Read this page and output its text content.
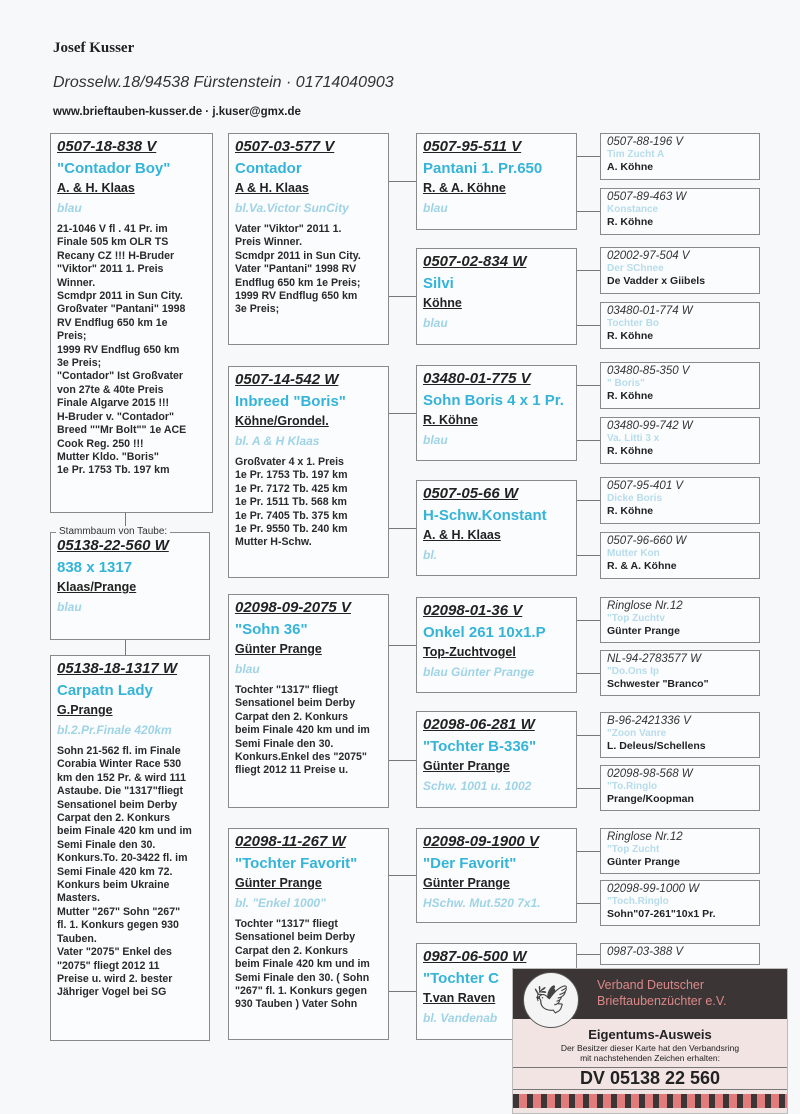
Josef Kusser
Drosselw.18/94538 Fürstenstein · 01714040903
www.brieftauben-kusser.de · j.kuser@gmx.de
0507-18-838 V
"Contador Boy"
A. & H. Klaas
blau
21-1046 V fl . 41 Pr. im
Finale 505 km OLR TS
Recany CZ !!! H-Bruder
"Viktor" 2011 1. Preis
Winner.
Scmdpr 2011 in Sun City.
Großvater "Pantani" 1998
RV Endflug 650 km 1e
Preis;
1999 RV Endflug 650 km
3e Preis;
"Contador" Ist Großvater
von 27te & 40te Preis
Finale Algarve 2015 !!!
H-Bruder v. "Contador"
Breed ""Mr Bolt"" 1e ACE
Cook Reg. 250 !!!
Mutter Kldo. "Boris"
1e Pr. 1753 Tb. 197 km
05138-22-560 W
838 x 1317
Klaas/Prange
blau
05138-18-1317 W
Carpatn Lady
G.Prange
bl.2.Pr.Finale 420km
Sohn 21-562 fl. im Finale
Corabia Winter Race 530
km den 152 Pr. & wird 111
Astaube. Die "1317"fliegt
Sensationel beim Derby
Carpat den 2. Konkurs
beim Finale 420 km und im
Semi Finale den 30.
Konkurs.To. 20-3422 fl. im
Semi Finale 420 km 72.
Konkurs beim Ukraine
Masters.
Mutter "267" Sohn "267"
fl. 1. Konkurs gegen 930
Tauben.
Vater "2075" Enkel des
"2075" fliegt 2012 11
Preise u. wird 2. bester
Jähriger Vogel bei SG
0507-03-577 V
Contador
A & H. Klaas
bl.Va.Victor SunCity
Vater "Viktor" 2011 1.
Preis Winner.
Scmdpr 2011 in Sun City.
Vater "Pantani" 1998 RV
Endflug 650 km 1e Preis;
1999 RV Endflug 650 km
3e Preis;
0507-14-542 W
Inbreed "Boris"
Köhne/Grondel.
bl. A & H Klaas
Großvater 4 x 1. Preis
1e Pr. 1753 Tb. 197 km
1e Pr. 7172 Tb. 425 km
1e Pr. 1511 Tb. 568 km
1e Pr. 7405 Tb. 375 km
1e Pr. 9550 Tb. 240 km
Mutter H-Schw.
02098-09-2075 V
"Sohn 36"
Günter Prange
blau
Tochter "1317" fliegt
Sensationel beim Derby
Carpat den 2. Konkurs
beim Finale 420 km und im
Semi Finale den 30.
Konkurs.Enkel des "2075"
fliegt 2012 11 Preise u.
02098-11-267 W
"Tochter Favorit"
Günter Prange
bl. "Enkel 1000"
Tochter "1317" fliegt
Sensationel beim Derby
Carpat den 2. Konkurs
beim Finale 420 km und im
Semi Finale den 30. ( Sohn
"267" fl. 1. Konkurs gegen
930 Tauben ) Vater Sohn
0507-95-511 V
Pantani 1. Pr.650
R. & A. Köhne
blau
0507-02-834 W
Silvi
Köhne
blau
03480-01-775 V
Sohn Boris 4 x 1 Pr.
R. Köhne
blau
0507-05-66 W
H-Schw.Konstant
A. & H. Klaas
bl.
02098-01-36 V
Onkel 261 10x1.P
Top-Zuchtvogel
blau Günter Prange
02098-06-281 W
"Tochter B-336"
Günter Prange
Schw. 1001 u. 1002
02098-09-1900 V
"Der Favorit"
Günter Prange
HSchw. Mut.520 7x1.
0987-06-500 W
"Tochter C
T.van Raven
bl. Vandenab
0507-88-196 V
Tim Zucht A
A. Köhne
0507-89-463 W
Konstance
R. Köhne
02002-97-504 V
Der SChnee
De Vadder x Giibels
03480-01-774 W
Tochter Bo
R. Köhne
03480-85-350 V
" Boris"
R. Köhne
03480-99-742 W
Va. Litti 3 x
R. Köhne
0507-95-401 V
Dicke Boris
R. Köhne
0507-96-660 W
Mutter Kon
R. & A. Köhne
Ringlose Nr.12
"Top Zuchtv
Günter Prange
NL-94-2783577 W
"Do.Ons Ip
Schwester "Branco"
B-96-2421336 V
"Zoon Vanre
L. Deleus/Schellens
02098-98-568 W
"To.Ringlo
Prange/Koopman
Ringlose Nr.12
"Top Zucht
Günter Prange
02098-99-1000 W
"Toch.Ringlo
Sohn"07-261"10x1 Pr.
0987-03-388 V
Stammbaum von Taube:
🕊	Verband Deutscher
Brieftaubenzüchter e.V.
Eigentums-Ausweis
Der Besitzer dieser Karte hat den Verbandsring
mit nachstehenden Zeichen erhalten:
DV 05138 22 560
